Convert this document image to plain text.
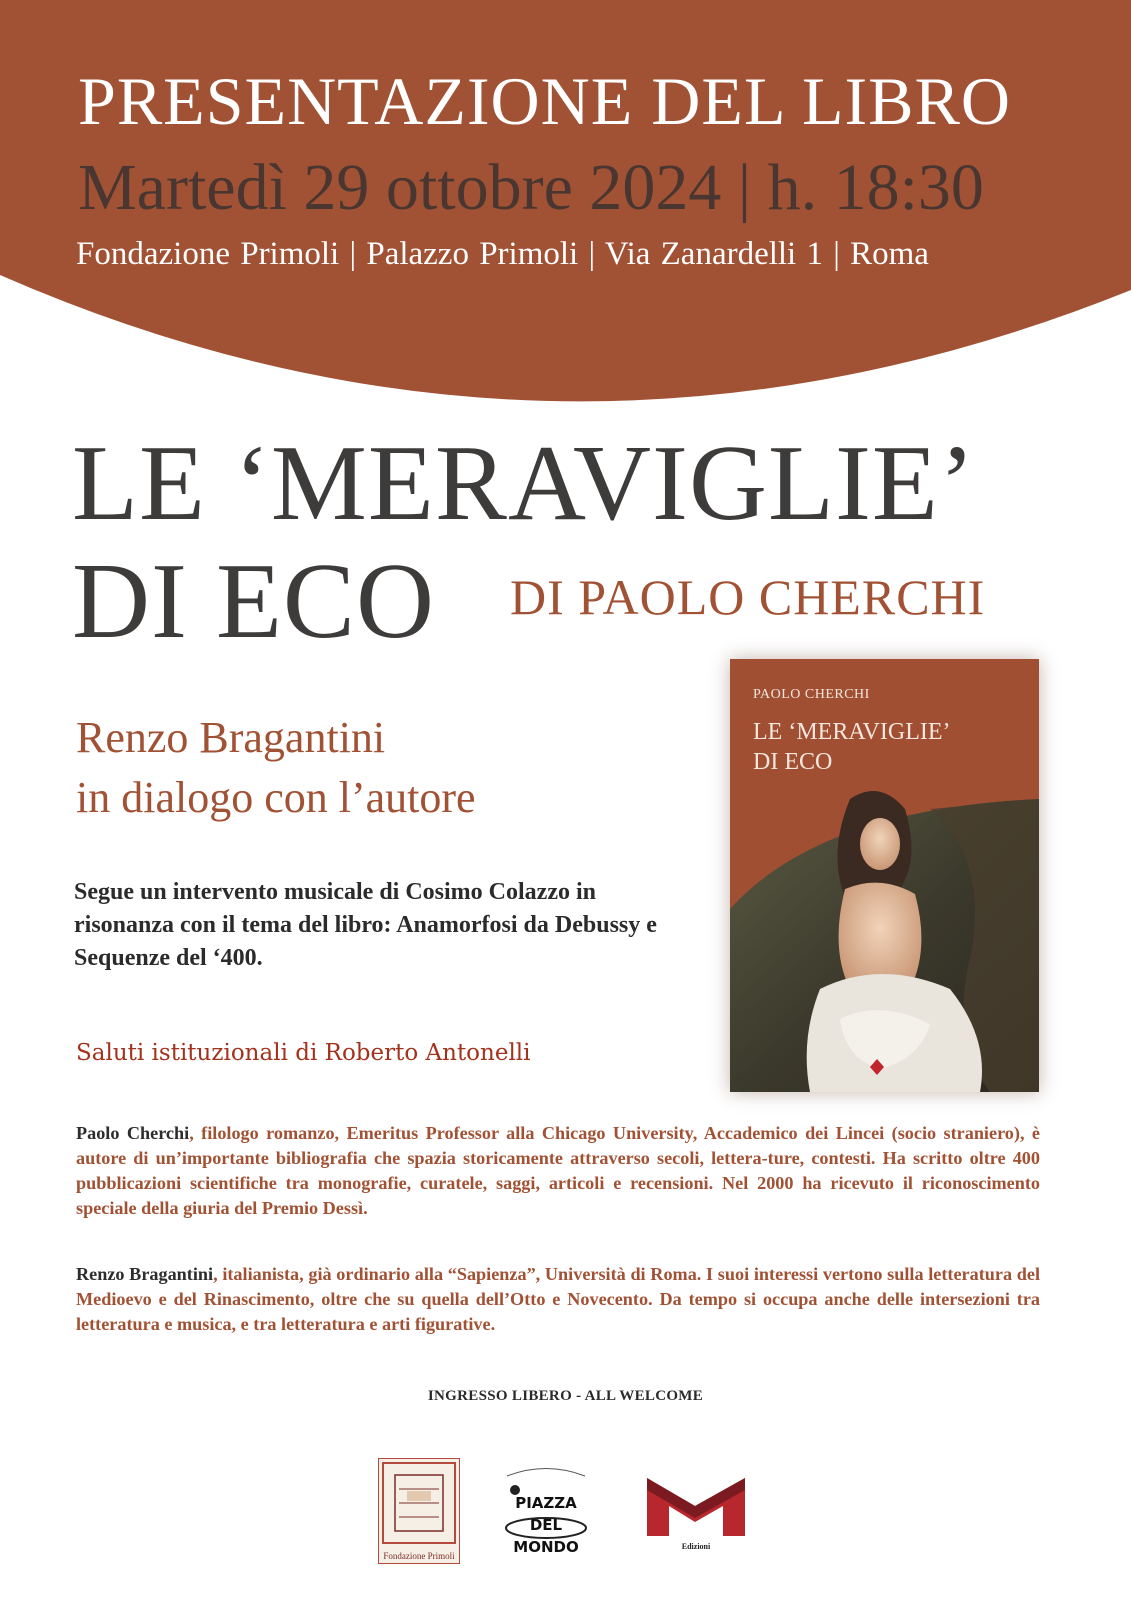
PRESENTAZIONE DEL LIBRO
Martedì 29 ottobre 2024 | h. 18:30
Fondazione Primoli | Palazzo Primoli | Via Zanardelli 1 | Roma
LE ‘MERAVIGLIE’
DI ECO DI PAOLO CHERCHI
Renzo Bragantini
in dialogo con l’autore
Segue un intervento musicale di Cosimo Colazzo in risonanza con il tema del libro: Anamorfosi da Debussy e Sequenze del ‘400.
Saluti istituzionali di Roberto Antonelli
PAOLO CHERCHI
LE ‘MERAVIGLIE’
DI ECO
Paolo Cherchi, filologo romanzo, Emeritus Professor alla Chicago University, Accademico dei Lincei (socio straniero), è autore di un’importante bibliografia che spazia storicamente attraverso secoli, lettera-ture, contesti. Ha scritto oltre 400 pubblicazioni scientifiche tra monografie, curatele, saggi, articoli e recensioni. Nel 2000 ha ricevuto il riconoscimento speciale della giuria del Premio Dessì.
Renzo Bragantini, italianista, già ordinario alla “Sapienza”, Università di Roma. I suoi interessi vertono sulla letteratura del Medioevo e del Rinascimento, oltre che su quella dell’Otto e Novecento. Da tempo si occupa anche delle intersezioni tra letteratura e musica, e tra letteratura e arti figurative.
INGRESSO LIBERO - ALL WELCOME
Fondazione Primoli
PIAZZA DEL MONDO	Edizioni
